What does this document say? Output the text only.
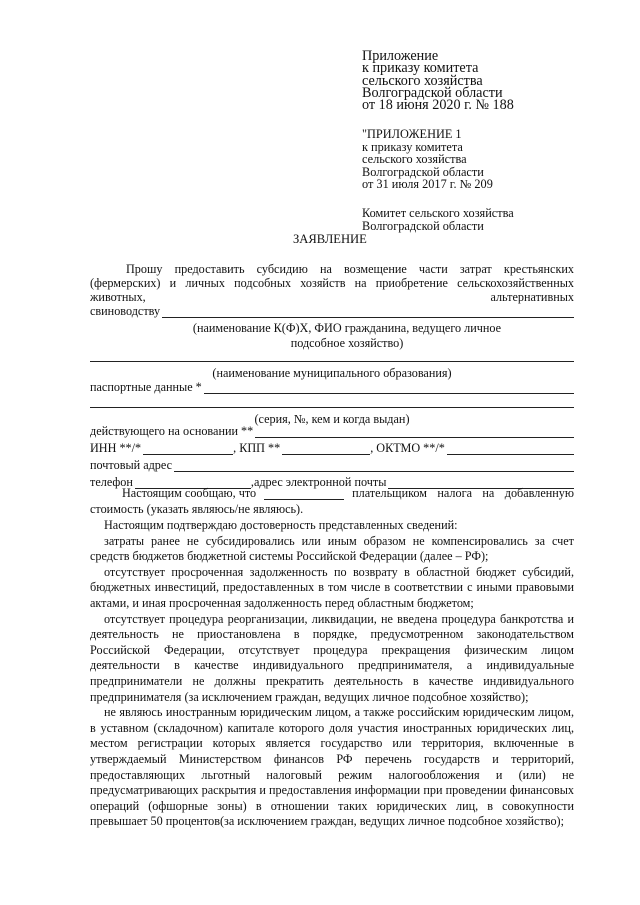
Приложение
к приказу комитета
сельского хозяйства
Волгоградской области
от 18 июня 2020 г. № 188
"ПРИЛОЖЕНИЕ 1
к приказу комитета
сельского хозяйства
Волгоградской области
от 31 июля 2017 г. № 209
Комитет сельского хозяйства
Волгоградской области
ЗАЯВЛЕНИЕ
Прошу предоставить субсидию на возмещение части затрат крестьянских
(фермерских) и личных подсобных хозяйств на приобретение сельскохозяйственных
животных,	альтернативных
свиноводству
(наименование К(Ф)Х, ФИО гражданина, ведущего личное
подсобное хозяйство)
(наименование муниципального образования)
паспортные данные *
(серия, №, кем и когда выдан)
действующего на основании **
ИНН **/*	, КПП **	, ОКТМО **/*
почтовый адрес
телефон	,адрес электронной почты
Настоящим сообщаю, что	плательщиком налога на добавленную
стоимость (указать являюсь/не являюсь).

Настоящим подтверждаю достоверность представленных сведений:

затраты ранее не субсидировались или иным образом не компенсировались за счет средств бюджетов бюджетной системы Российской Федерации (далее – РФ);

отсутствует просроченная задолженность по возврату в областной бюджет субсидий, бюджетных инвестиций, предоставленных в том числе в соответствии с иными правовыми актами, и иная просроченная задолженность перед областным бюджетом;

отсутствует процедура реорганизации, ликвидации, не введена процедура банкротства и деятельность не приостановлена в порядке, предусмотренном законодательством Российской Федерации, отсутствует процедура прекращения физическим лицом деятельности в качестве индивидуального предпринимателя, а индивидуальные предприниматели не должны прекратить деятельность в качестве индивидуального предпринимателя (за исключением граждан, ведущих личное подсобное хозяйство);

не являюсь иностранным юридическим лицом, а также российским юридическим лицом, в уставном (складочном) капитале которого доля участия иностранных юридических лиц, местом регистрации которых является государство или территория, включенные в утверждаемый Министерством финансов РФ перечень государств и территорий, предоставляющих льготный налоговый режим налогообложения и (или) не предусматривающих раскрытия и предоставления информации при проведении финансовых операций (офшорные зоны) в отношении таких юридических лиц, в совокупности превышает 50 процентов(за исключением граждан, ведущих личное подсобное хозяйство);
